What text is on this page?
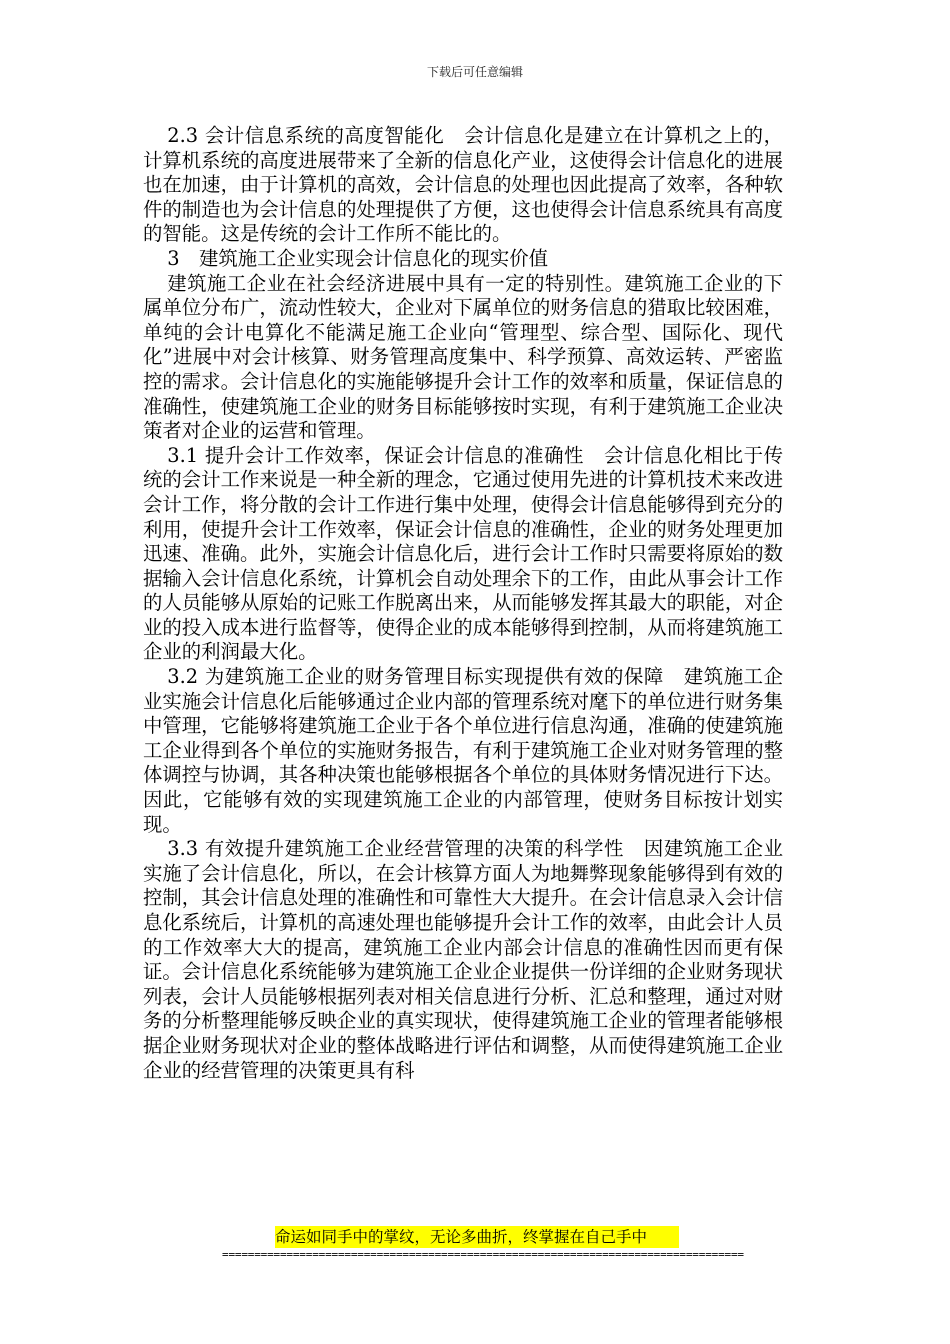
下载后可任意编辑

2.3 会计信息系统的高度智能化　会计信息化是建立在计算机之上的，计算机系统的高度进展带来了全新的信息化产业，这使得会计信息化的进展也在加速，由于计算机的高效，会计信息的处理也因此提高了效率，各种软件的制造也为会计信息的处理提供了方便，这也使得会计信息系统具有高度的智能。这是传统的会计工作所不能比的。

3　建筑施工企业实现会计信息化的现实价值

建筑施工企业在社会经济进展中具有一定的特别性。建筑施工企业的下属单位分布广，流动性较大，企业对下属单位的财务信息的猎取比较困难，单纯的会计电算化不能满足施工企业向“管理型、综合型、国际化、现代化”进展中对会计核算、财务管理高度集中、科学预算、高效运转、严密监控的需求。会计信息化的实施能够提升会计工作的效率和质量，保证信息的准确性，使建筑施工企业的财务目标能够按时实现，有利于建筑施工企业决策者对企业的运营和管理。

3.1 提升会计工作效率，保证会计信息的准确性　会计信息化相比于传统的会计工作来说是一种全新的理念，它通过使用先进的计算机技术来改进会计工作，将分散的会计工作进行集中处理，使得会计信息能够得到充分的利用，使提升会计工作效率，保证会计信息的准确性，企业的财务处理更加迅速、准确。此外，实施会计信息化后，进行会计工作时只需要将原始的数据输入会计信息化系统，计算机会自动处理余下的工作，由此从事会计工作的人员能够从原始的记账工作脱离出来，从而能够发挥其最大的职能，对企业的投入成本进行监督等，使得企业的成本能够得到控制，从而将建筑施工企业的利润最大化。

3.2 为建筑施工企业的财务管理目标实现提供有效的保障　建筑施工企业实施会计信息化后能够通过企业内部的管理系统对麾下的单位进行财务集中管理，它能够将建筑施工企业于各个单位进行信息沟通，准确的使建筑施工企业得到各个单位的实施财务报告，有利于建筑施工企业对财务管理的整体调控与协调，其各种决策也能够根据各个单位的具体财务情况进行下达。因此，它能够有效的实现建筑施工企业的内部管理，使财务目标按计划实现。

3.3 有效提升建筑施工企业经营管理的决策的科学性　因建筑施工企业实施了会计信息化，所以，在会计核算方面人为地舞弊现象能够得到有效的控制，其会计信息处理的准确性和可靠性大大提升。在会计信息录入会计信息化系统后，计算机的高速处理也能够提升会计工作的效率，由此会计人员的工作效率大大的提高，建筑施工企业内部会计信息的准确性因而更有保证。会计信息化系统能够为建筑施工企业企业提供一份详细的企业财务现状列表，会计人员能够根据列表对相关信息进行分析、汇总和整理，通过对财务的分析整理能够反映企业的真实现状，使得建筑施工企业的管理者能够根据企业财务现状对企业的整体战略进行评估和调整，从而使得建筑施工企业企业的经营管理的决策更具有科

命运如同手中的掌纹，无论多曲折，终掌握在自己手中
=================================================================================
